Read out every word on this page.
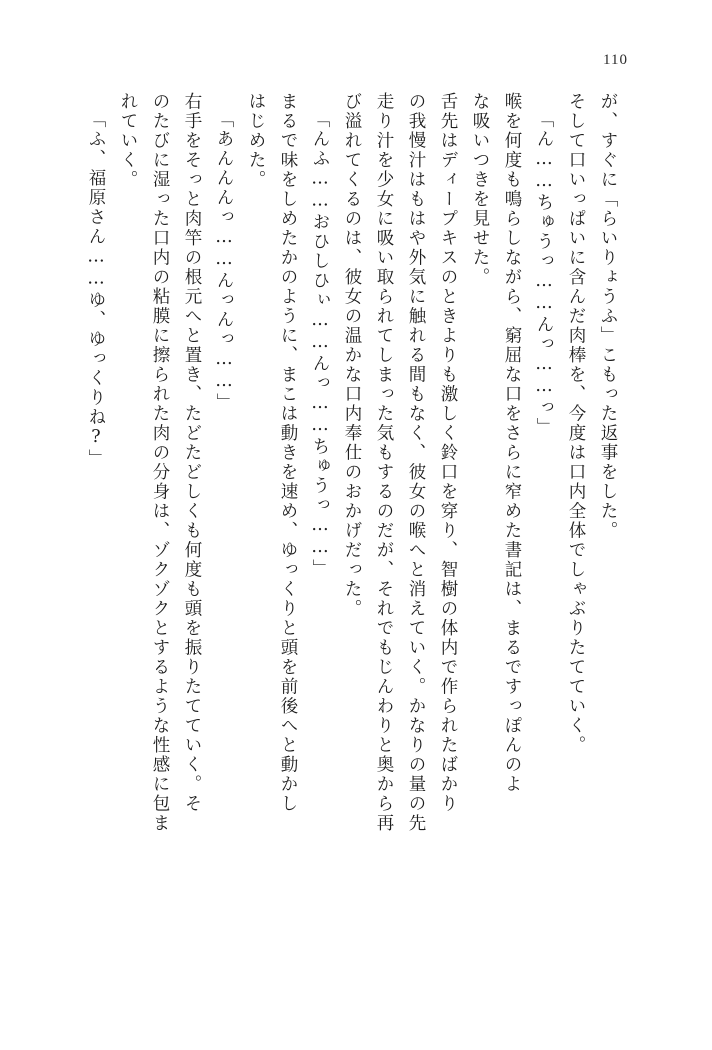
110
が、すぐに「らいりょうふ」こもった返事をした。
そして口いっぱいに含んだ肉棒を、今度は口内全体でしゃぶりたてていく。
「ん……ちゅうっ……んっ……っ」
喉を何度も鳴らしながら、窮屈な口をさらに窄めた書記は、まるですっぽんのよ
な吸いつきを見せた。
舌先はディープキスのときよりも激しく鈴口を穿り、智樹の体内で作られたばかり
の我慢汁はもはや外気に触れる間もなく、彼女の喉へと消えていく。かなりの量の先
走り汁を少女に吸い取られてしまった気もするのだが、それでもじんわりと奥から再
び溢れてくるのは、彼女の温かな口内奉仕のおかげだった。
「んふ……おひしひぃ……んっ……ちゅうっ……」
まるで味をしめたかのように、まこは動きを速め、ゆっくりと頭を前後へと動かし
はじめた。
「あんんんっ……んっんっ……」
右手をそっと肉竿の根元へと置き、たどたどしくも何度も頭を振りたてていく。そ
のたびに湿った口内の粘膜に擦られた肉の分身は、ゾクゾクとするような性感に包ま
れていく。
「ふ、福原さん……ゆ、ゆっくりね?」
